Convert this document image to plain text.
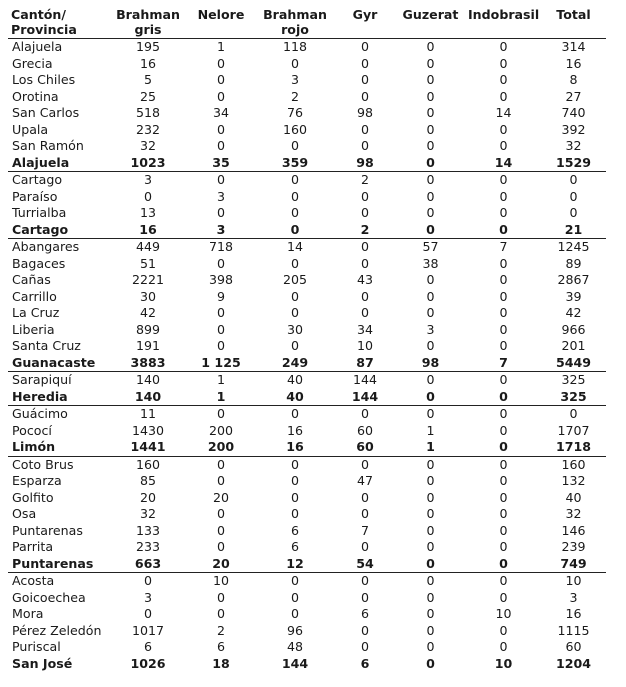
Cantón/ Provincia	Brahman gris	Nelore	Brahman rojo	Gyr	Guzerat	Indobrasil	Total
Alajuela	195	1	118	0	0	0	314
Grecia	16	0	0	0	0	0	16
Los Chiles	5	0	3	0	0	0	8
Orotina	25	0	2	0	0	0	27
San Carlos	518	34	76	98	0	14	740
Upala	232	0	160	0	0	0	392
San Ramón	32	0	0	0	0	0	32
Alajuela	1023	35	359	98	0	14	1529
Cartago	3	0	0	2	0	0	0
Paraíso	0	3	0	0	0	0	0
Turrialba	13	0	0	0	0	0	0
Cartago	16	3	0	2	0	0	21
Abangares	449	718	14	0	57	7	1245
Bagaces	51	0	0	0	38	0	89
Cañas	2221	398	205	43	0	0	2867
Carrillo	30	9	0	0	0	0	39
La Cruz	42	0	0	0	0	0	42
Liberia	899	0	30	34	3	0	966
Santa Cruz	191	0	0	10	0	0	201
Guanacaste	3883	1 125	249	87	98	7	5449
Sarapiquí	140	1	40	144	0	0	325
Heredia	140	1	40	144	0	0	325
Guácimo	11	0	0	0	0	0	0
Pococí	1430	200	16	60	1	0	1707
Limón	1441	200	16	60	1	0	1718
Coto Brus	160	0	0	0	0	0	160
Esparza	85	0	0	47	0	0	132
Golfito	20	20	0	0	0	0	40
Osa	32	0	0	0	0	0	32
Puntarenas	133	0	6	7	0	0	146
Parrita	233	0	6	0	0	0	239
Puntarenas	663	20	12	54	0	0	749
Acosta	0	10	0	0	0	0	10
Goicoechea	3	0	0	0	0	0	3
Mora	0	0	0	6	0	10	16
Pérez Zeledón	1017	2	96	0	0	0	1115
Puriscal	6	6	48	0	0	0	60
San José	1026	18	144	6	0	10	1204
